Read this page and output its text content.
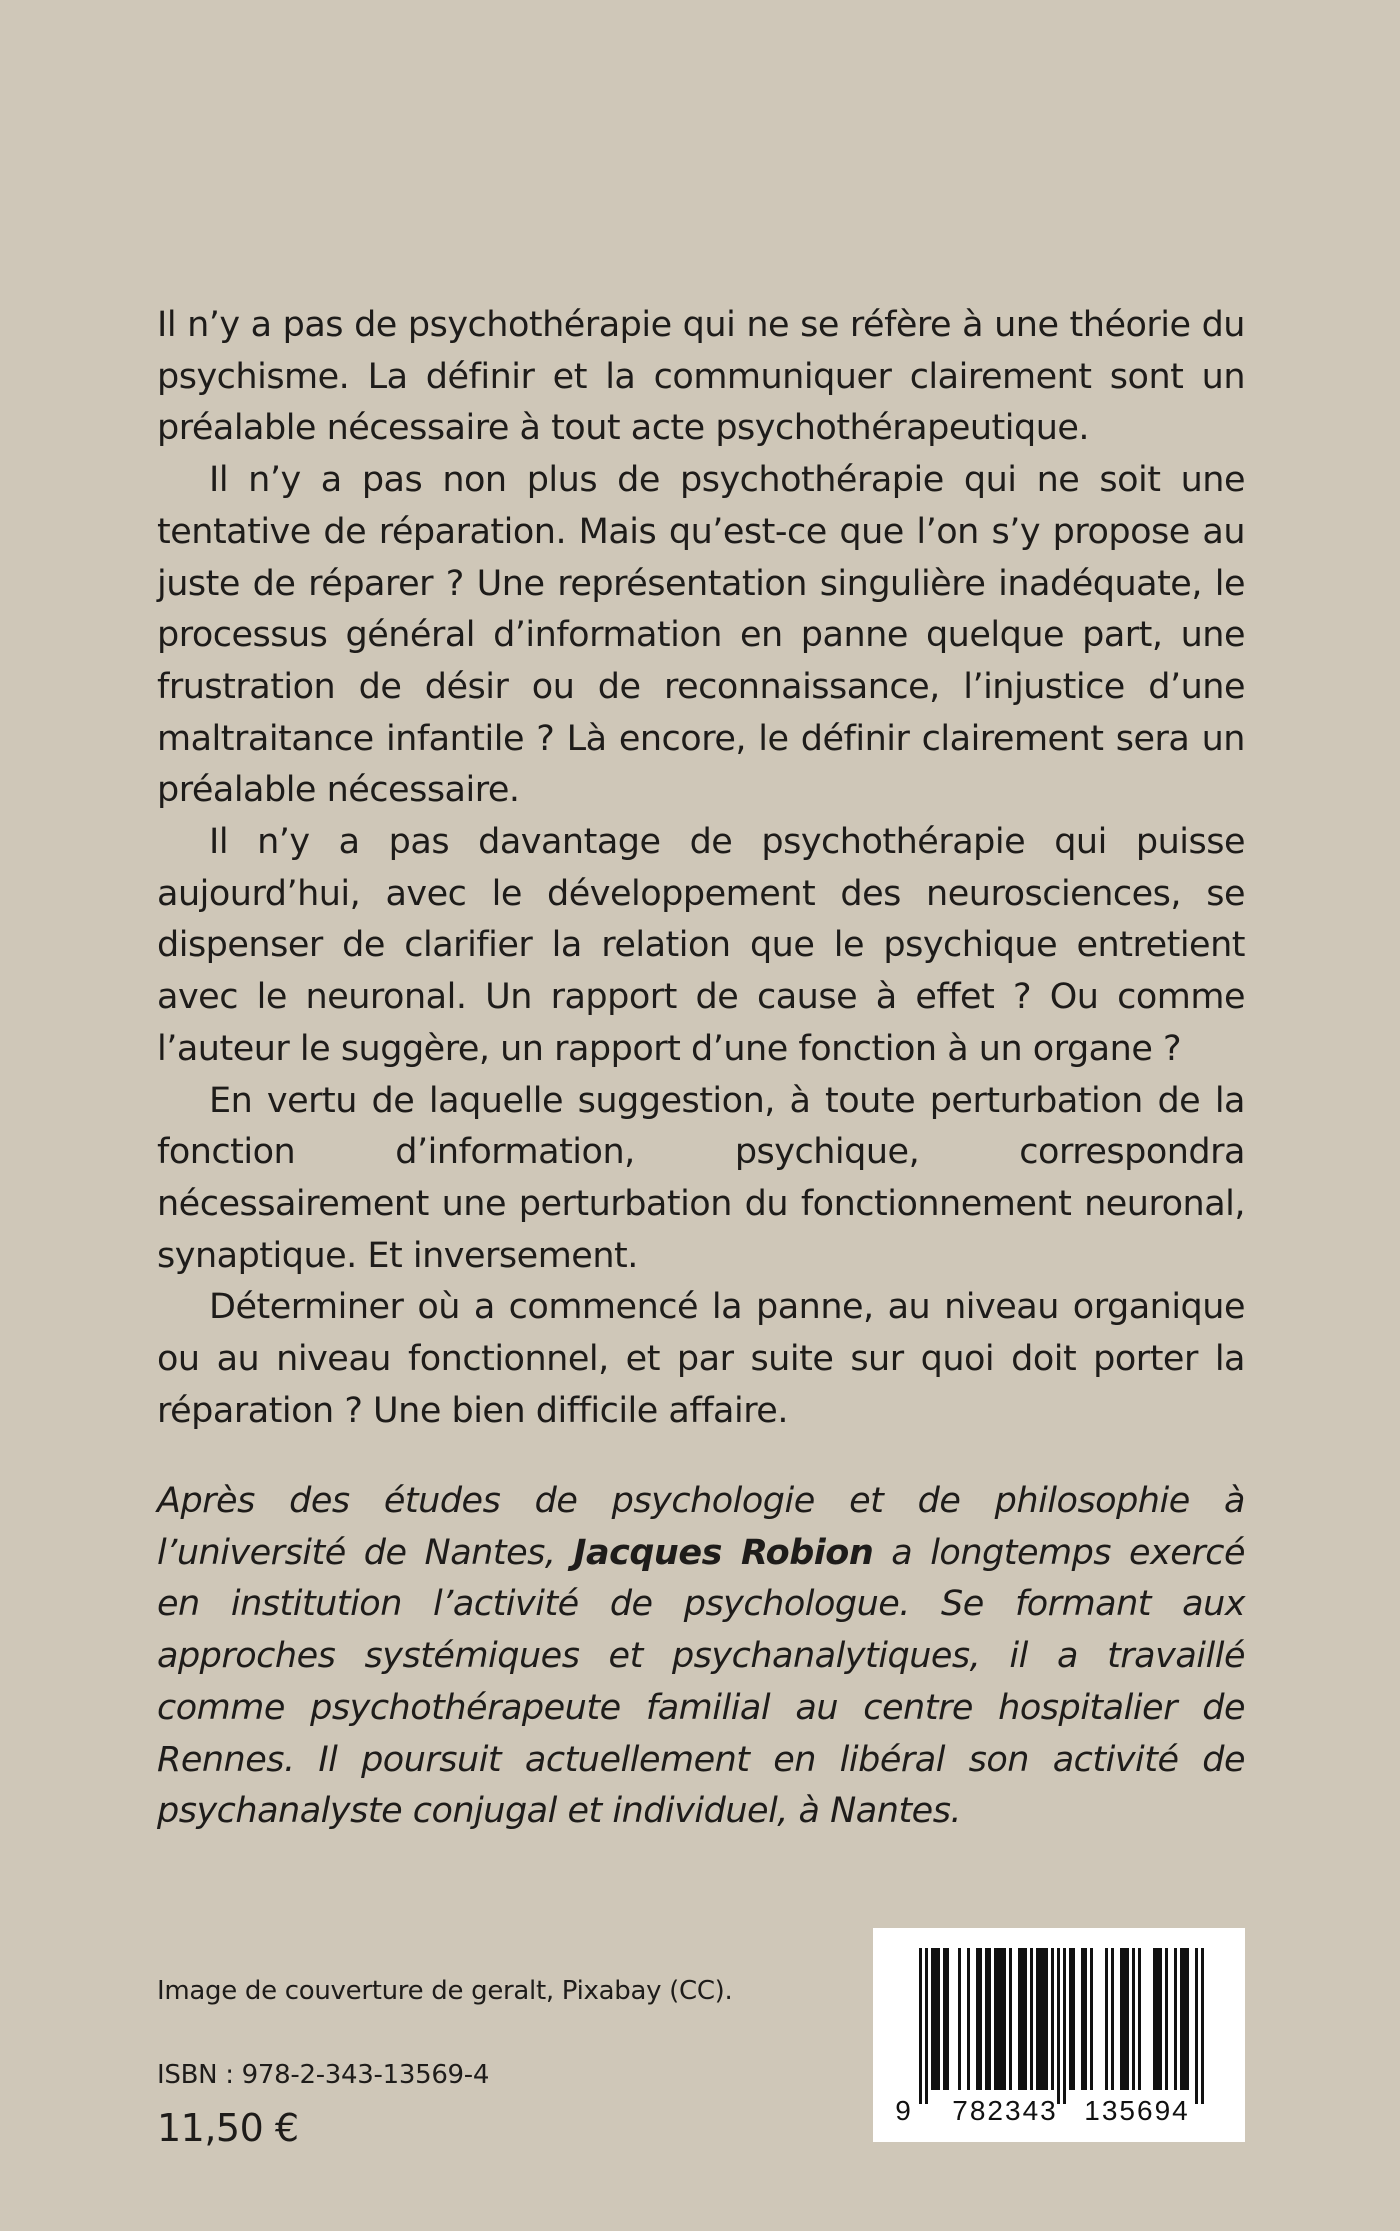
Il n’y a pas de psychothérapie qui ne se réfère à une théorie du psychisme. La définir et la communiquer clairement sont un préalable nécessaire à tout acte psychothérapeutique.

Il n’y a pas non plus de psychothérapie qui ne soit une tentative de réparation. Mais qu’est-ce que l’on s’y propose au juste de réparer ? Une représentation singulière inadéquate, le processus général d’information en panne quelque part, une frustration de désir ou de reconnaissance, l’injustice d’une maltraitance infantile ? Là encore, le définir clairement sera un préalable nécessaire.

Il n’y a pas davantage de psychothérapie qui puisse aujourd’hui, avec le développement des neurosciences, se dispenser de clarifier la relation que le psychique entretient avec le neuronal. Un rapport de cause à effet ? Ou comme l’auteur le suggère, un rapport d’une fonction à un organe ?

En vertu de laquelle suggestion, à toute perturbation de la fonction d’information, psychique, correspondra nécessairement une perturbation du fonctionnement neuronal, synaptique. Et inversement.

Déterminer où a commencé la panne, au niveau organique ou au niveau fonctionnel, et par suite sur quoi doit porter la réparation ? Une bien difficile affaire.

Après des études de psychologie et de philosophie à l’université de Nantes, Jacques Robion a longtemps exercé en institution l’activité de psychologue. Se formant aux approches systémiques et psychanalytiques, il a travaillé comme psychothérapeute familial au centre hospitalier de Rennes. Il poursuit actuellement en libéral son activité de psychanalyste conjugal et individuel, à Nantes.

Image de couverture de geralt, Pixabay (CC).
ISBN : 978-2-343-13569-4
11,50 €	9 782343 135694
